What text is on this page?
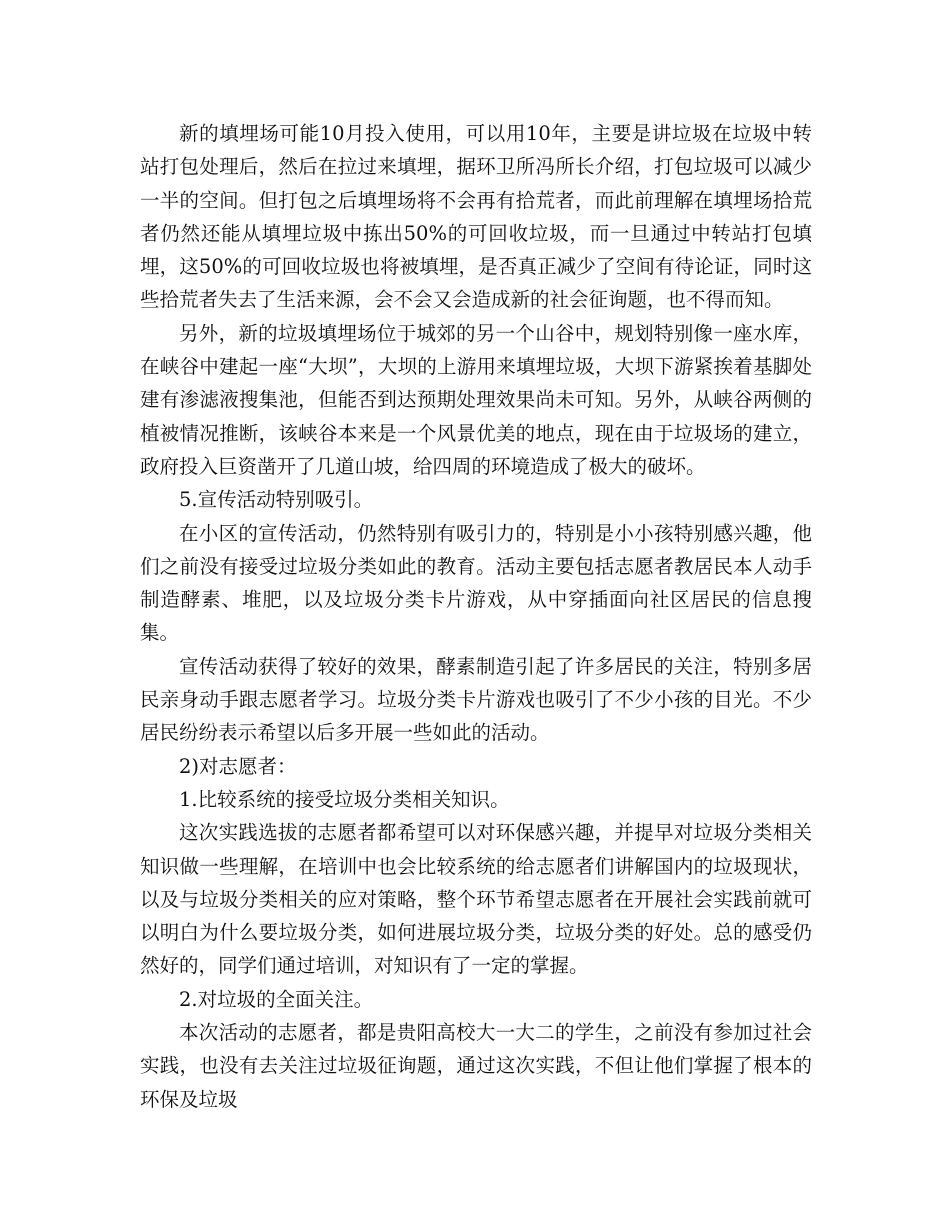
新的填埋场可能10月投入使用，可以用10年，主要是讲垃圾在垃圾中转站打包处理后，然后在拉过来填埋，据环卫所冯所长介绍，打包垃圾可以减少一半的空间。但打包之后填埋场将不会再有拾荒者，而此前理解在填埋场拾荒者仍然还能从填埋垃圾中拣出50%的可回收垃圾，而一旦通过中转站打包填埋，这50%的可回收垃圾也将被填埋，是否真正减少了空间有待论证，同时这些拾荒者失去了生活来源，会不会又会造成新的社会征询题，也不得而知。

另外，新的垃圾填埋场位于城郊的另一个山谷中，规划特别像一座水库，在峡谷中建起一座“大坝”，大坝的上游用来填埋垃圾，大坝下游紧挨着基脚处建有渗滤液搜集池，但能否到达预期处理效果尚未可知。另外，从峡谷两侧的植被情况推断，该峡谷本来是一个风景优美的地点，现在由于垃圾场的建立，政府投入巨资凿开了几道山坡，给四周的环境造成了极大的破坏。

5.宣传活动特别吸引。

在小区的宣传活动，仍然特别有吸引力的，特别是小小孩特别感兴趣，他们之前没有接受过垃圾分类如此的教育。活动主要包括志愿者教居民本人动手制造酵素、堆肥，以及垃圾分类卡片游戏，从中穿插面向社区居民的信息搜集。

宣传活动获得了较好的效果，酵素制造引起了许多居民的关注，特别多居民亲身动手跟志愿者学习。垃圾分类卡片游戏也吸引了不少小孩的目光。不少居民纷纷表示希望以后多开展一些如此的活动。

2)对志愿者：

1.比较系统的接受垃圾分类相关知识。

这次实践选拔的志愿者都希望可以对环保感兴趣，并提早对垃圾分类相关知识做一些理解，在培训中也会比较系统的给志愿者们讲解国内的垃圾现状，以及与垃圾分类相关的应对策略，整个环节希望志愿者在开展社会实践前就可以明白为什么要垃圾分类，如何进展垃圾分类，垃圾分类的好处。总的感受仍然好的，同学们通过培训，对知识有了一定的掌握。

2.对垃圾的全面关注。

本次活动的志愿者，都是贵阳高校大一大二的学生，之前没有参加过社会实践，也没有去关注过垃圾征询题，通过这次实践，不但让他们掌握了根本的环保及垃圾
